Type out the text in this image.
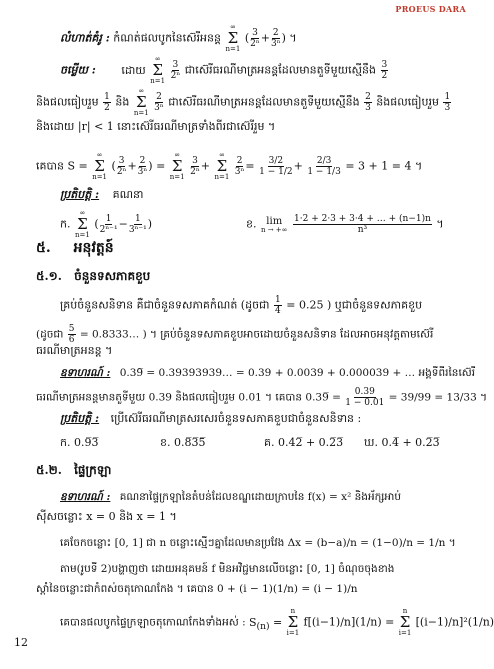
PROEUS DARA
លំហាត់គំរូ : កំណត់ផលបូកនៃស៊េរីអនន្ត
∞
Σ
n=1
( $\frac{3}{\text{2ⁿ}} + \frac{2}{\text{3ⁿ}}$ ) ។
ចម្លើយ : ដោយ
∞
Σ
n=1
$\frac{3}{\text{2ⁿ}}$ ជាស៊េរីធរណីមាត្រអនន្តដែលមានតួទីមួយស្មើនឹង $\frac{3}{2}$
និងផលធៀបរួម $\frac{1}{2}$ និង
∞
Σ
n=1
$\frac{2}{\text{3ⁿ}}$ ជាស៊េរីធរណីមាត្រអនន្តដែលមានតួទីមួយស្មើនឹង $\frac{2}{3}$ និងផលធៀបរួម $\frac{1}{3}$
និងដោយ |r| < 1 នោះស៊េរីធរណីមាត្រទាំងពីរជាស៊េរីរួម ។
គេបាន S =
∞
Σ
n=1
( $\frac{3}{\text{2ⁿ}} + \frac{2}{\text{3ⁿ}}$ ) =
∞
Σ
n=1
$\frac{3}{\text{2ⁿ}}$ +
∞
Σ
n=1
$\frac{2}{\text{3ⁿ}} = \frac{3/2}{1 - 1/2} + \frac{2/3}{1 - 1/3} = 3 + 1 = 4$ ។
ប្រតិបត្តិ : គណនា
ក.
∞
Σ
n=1
( $\frac{1}{\text{2ⁿ⁻¹}} - \frac{1}{\text{3ⁿ⁻¹}}$ )	ខ. lim
n → +∞
$\frac{1\cdot 2 + 2\cdot 3 + 3\cdot 4 + \dots + (n-1)n}{\text{n³}}$ ។
៥. អនុវត្តន៍
៥.១. ចំនួនទសភាគខួប
គ្រប់ចំនួនសនិទាន គឺជាចំនួនទសភាគកំណត់ (ដូចជា $\frac{1}{4} = 0.25$ ) ឬជាចំនួនទសភាគខួប
(ដូចជា $\frac{5}{6}$ = 0.8333… ) ។ គ្រប់ចំនួនទសភាគខួបអាចដោយចំនួនសនិទាន ដែលអាចអនុវត្តតាមស៊េរី
ធរណីមាត្រអនន្ត ។
ឧទាហរណ៍ : 0.39̅ = 0.39393939… = 0.39 + 0.0039 + 0.000039 + … អង្គទីពីរនៃស៊េរី
ធរណីមាត្រអនន្តមានតួទីមួយ 0.39 និងផលធៀបរួម 0.01 ។ គេបាន 0.39̅ = $\frac{0.39}{1 - 0.01} = 39/99 = 13/33$ ។
ប្រតិបត្តិ : ប្រើស៊េរីធរណីមាត្រសរសេរចំនួនទសភាគខួបជាចំនួនសនិទាន :
ក. 0.9̅3̅	ខ. 0.8̅3̅5̅	គ. 0.42̅ + 0.2̅3̅ ឃ. 0.4̅ + 0.2̅3̅
៥.២. ផ្ទៃក្រឡា
ឧទាហរណ៍ : គណនាផ្ទៃក្រឡានៃតំបន់ដែលខណ្ឌដោយក្រាបនៃ f(x) = x² និងអ័ក្សអាប់
ស៊ីសចន្លោះ x = 0 និង x = 1 ។
គេចែកចន្លោះ [0, 1] ជា n ចន្លោះស្មើៗគ្នាដែលមានប្រវែង Δx = (b−a)/n = (1−0)/n = 1/n ។
តាម(រូបទី 2)បង្ហាញថា ដោយអនុគមន៍ f មិនអវិជ្ជមានលើចន្លោះ [0, 1] ចំណុចចុងខាង
ស្តាំនៃចន្លោះជាកំពស់ចតុកោណកែង ។ គេបាន 0 + (i − 1)(1/n) = (i − 1)/n
គេបានផលបូកផ្ទៃក្រឡាចតុកោណកែងទាំងអស់ : $S_{(n)}$ =
n
Σ
i=1
f[(i−1)/n](1/n) =
n
Σ
i=1
[(i−1)/n]²(1/n)
12
